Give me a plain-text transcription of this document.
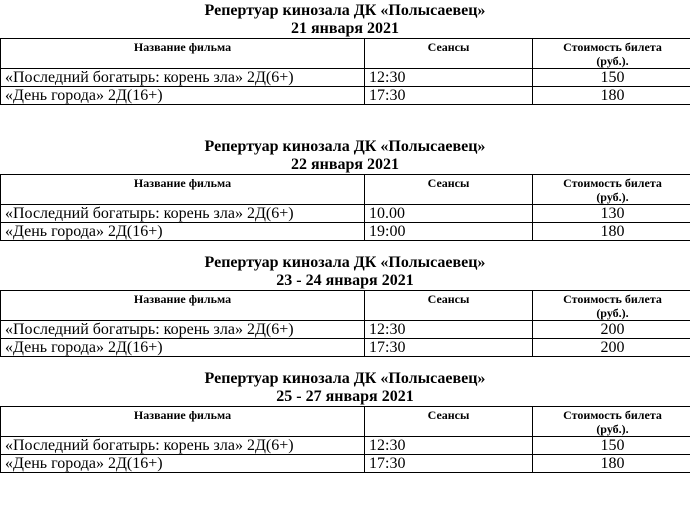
Репертуар кинозала ДК «Полысаевец»
21 января 2021
Название фильма	Сеансы	Стоимость билета
(руб.).

«Последний богатырь: корень зла» 2Д(6+)	12:30	150
«День города» 2Д(16+)	17:30	180
Репертуар кинозала ДК «Полысаевец»
22 января 2021
Название фильма	Сеансы	Стоимость билета
(руб.).

«Последний богатырь: корень зла» 2Д(6+)	10.00	130
«День города» 2Д(16+)	19:00	180
Репертуар кинозала ДК «Полысаевец»
23 - 24 января 2021
Название фильма	Сеансы	Стоимость билета
(руб.).

«Последний богатырь: корень зла» 2Д(6+)	12:30	200
«День города» 2Д(16+)	17:30	200
Репертуар кинозала ДК «Полысаевец»
25 - 27 января 2021
Название фильма	Сеансы	Стоимость билета
(руб.).

«Последний богатырь: корень зла» 2Д(6+)	12:30	150
«День города» 2Д(16+)	17:30	180
